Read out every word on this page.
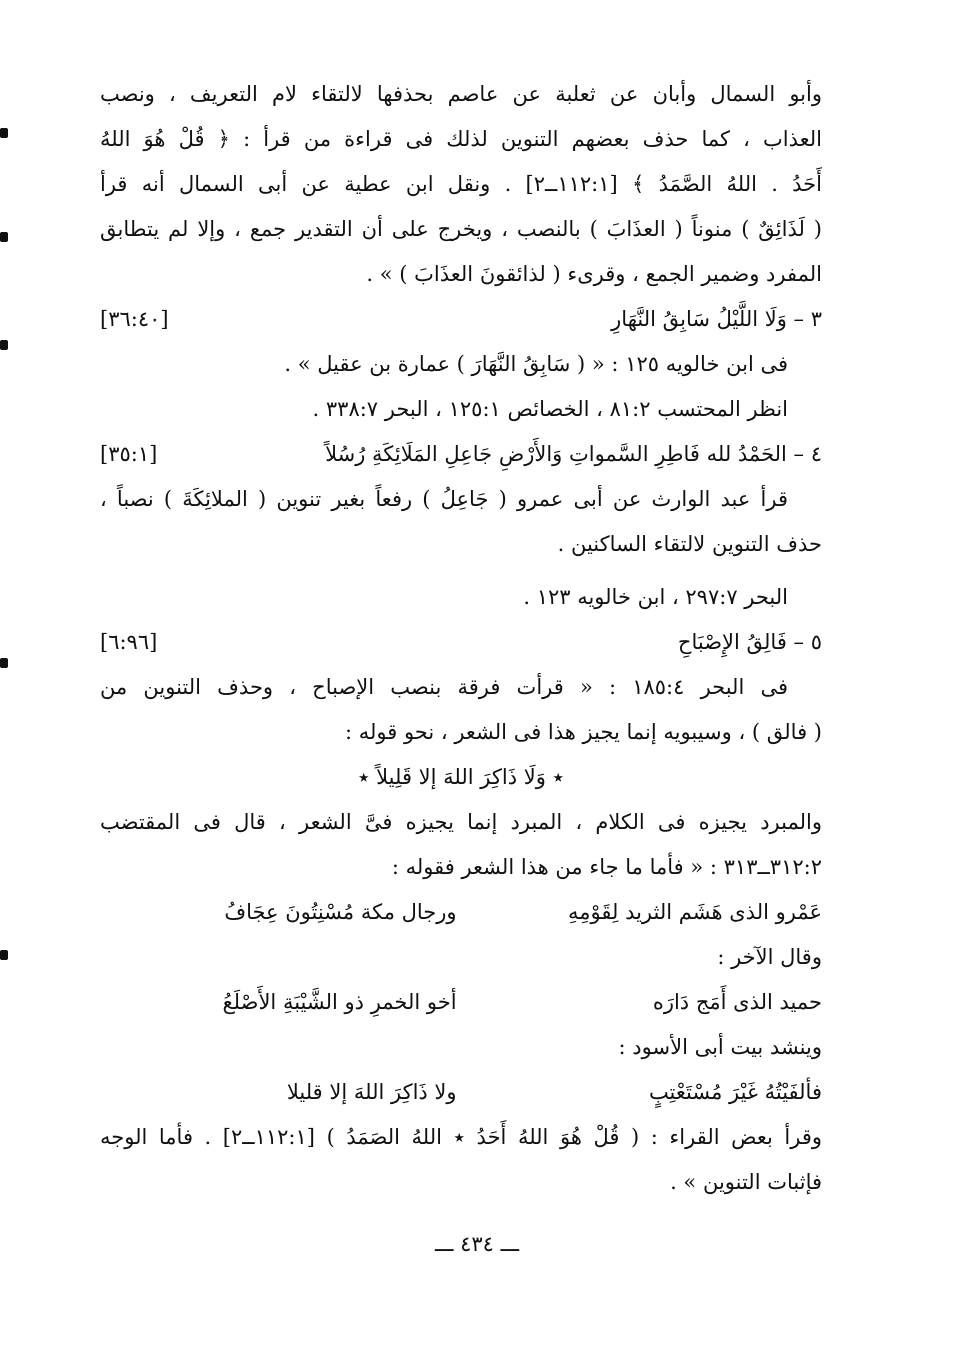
وأبو السمال وأبان عن ثعلبة عن عاصم بحذفها لالتقاء لام التعريف ، ونصب
العذاب ، كما حذف بعضهم التنوين لذلك فى قراءة من قرأ : ﴿ قُلْ هُوَ اللهُ
أَحَدُ . اللهُ الصَّمَدُ ﴾ [١١٢:١ــ٢] . ونقل ابن عطية عن أبى السمال أنه قرأ
( لَذَائِقٌ ) منوناً ( العذَابَ ) بالنصب ، ويخرج على أن التقدير جمع ، وإلا لم يتطابق
المفرد وضمير الجمع ، وقرىء ( لذائقونَ العذَابَ ) » .
٣ – وَلَا اللَّيْلُ سَابِقُ النَّهَارِ
[٣٦:٤٠]
فى ابن خالويه ١٢٥ : « ( سَابِقُ النَّهَارَ ) عمارة بن عقيل » .
انظر المحتسب ٨١:٢ ، الخصائص ١٢٥:١ ، البحر ٣٣٨:٧ .
٤ – الحَمْدُ لله فَاطِرِ السَّمواتِ وَالأَرْضِ جَاعِلِ المَلَائِكَةِ رُسُلاً
[٣٥:١]
قرأ عبد الوارث عن أبى عمرو ( جَاعِلُ ) رفعاً بغير تنوين ( الملائِكَةَ ) نصباً ،
حذف التنوين لالتقاء الساكنين .
البحر ٢٩٧:٧ ، ابن خالويه ١٢٣ .
٥ – فَالِقُ الإِصْبَاحِ
[٦:٩٦]
فى البحر ١٨٥:٤ : « قرأت فرقة بنصب الإصباح ، وحذف التنوين من
( فالق ) ، وسيبويه إنما يجيز هذا فى الشعر ، نحو قوله :
٭ وَلَا ذَاكِرَ اللهَ إلا قَلِيلاً ٭
والمبرد يجيزه فى الكلام ، المبرد إنما يجيزه فىَّ الشعر ، قال فى المقتضب
٣١٢:٢ــ٣١٣ : « فأما ما جاء من هذا الشعر فقوله :
عَمْرو الذى هَشَم الثريد لِقَوْمِهِ
ورجال مكة مُسْنِتُونَ عِجَافُ
وقال الآخر :
حميد الذى أَمَج دَارَه
أخو الخمرِ ذو الشَّيْبَةِ الأَصْلَعُ
وينشد بيت أبى الأسود :
فألفَيْتُهُ غَيْرَ مُسْتَعْتِبٍ
ولا ذَاكِرَ اللهَ إلا قليلا
وقرأ بعض القراء : ( قُلْ هُوَ اللهُ أَحَدُ ٭ اللهُ الصَمَدُ ) [١١٢:١ــ٢] . فأما الوجه
فإثبات التنوين » .
ـــ ٤٣٤ ـــ
